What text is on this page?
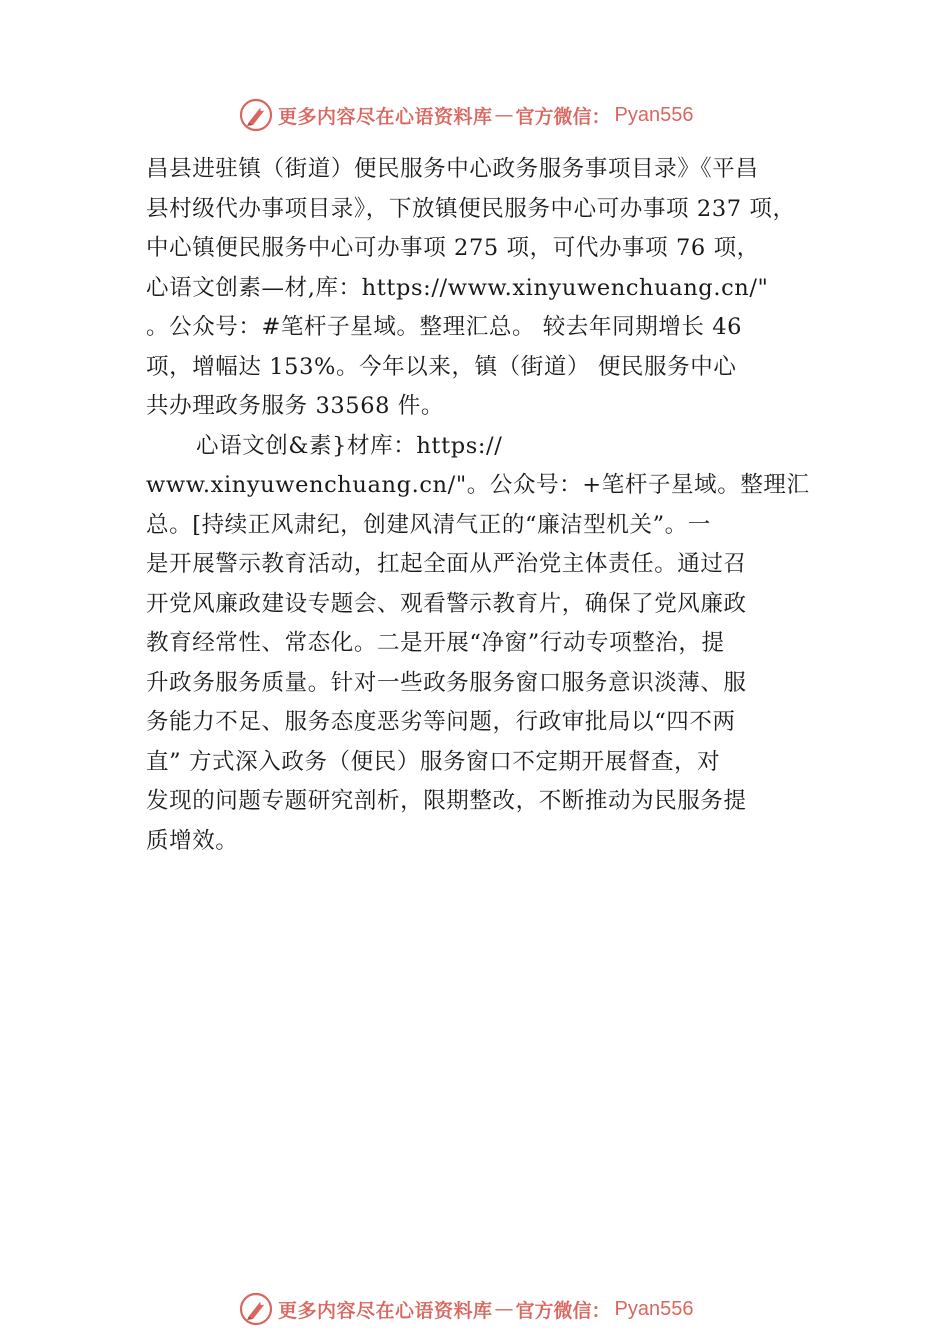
更多内容尽在心语资料库 — 官方微信： Pyan556
昌县进驻镇（街道）便民服务中心政务服务事项目录》《平昌
县村级代办事项目录》，下放镇便民服务中心可办事项 237 项，
中心镇便民服务中心可办事项 275 项，可代办事项 76 项，
心语文创素—材,库：https://www.xinyuwenchuang.cn/"
。公众号：#笔杆子星域。整理汇总。 较去年同期增长 46
项，增幅达 153%。今年以来，镇（街道） 便民服务中心
共办理政务服务 33568 件。
心语文创&素}材库：https://
www.xinyuwenchuang.cn/"。公众号：+笔杆子星域。整理汇
总。[持续正风肃纪，创建风清气正的“廉洁型机关”。一
是开展警示教育活动，扛起全面从严治党主体责任。通过召
开党风廉政建设专题会、观看警示教育片，确保了党风廉政
教育经常性、常态化。二是开展“净窗”行动专项整治，提
升政务服务质量。针对一些政务服务窗口服务意识淡薄、服
务能力不足、服务态度恶劣等问题，行政审批局以“四不两
直” 方式深入政务（便民）服务窗口不定期开展督查，对
发现的问题专题研究剖析，限期整改，不断推动为民服务提
质增效。
更多内容尽在心语资料库 — 官方微信： Pyan556
